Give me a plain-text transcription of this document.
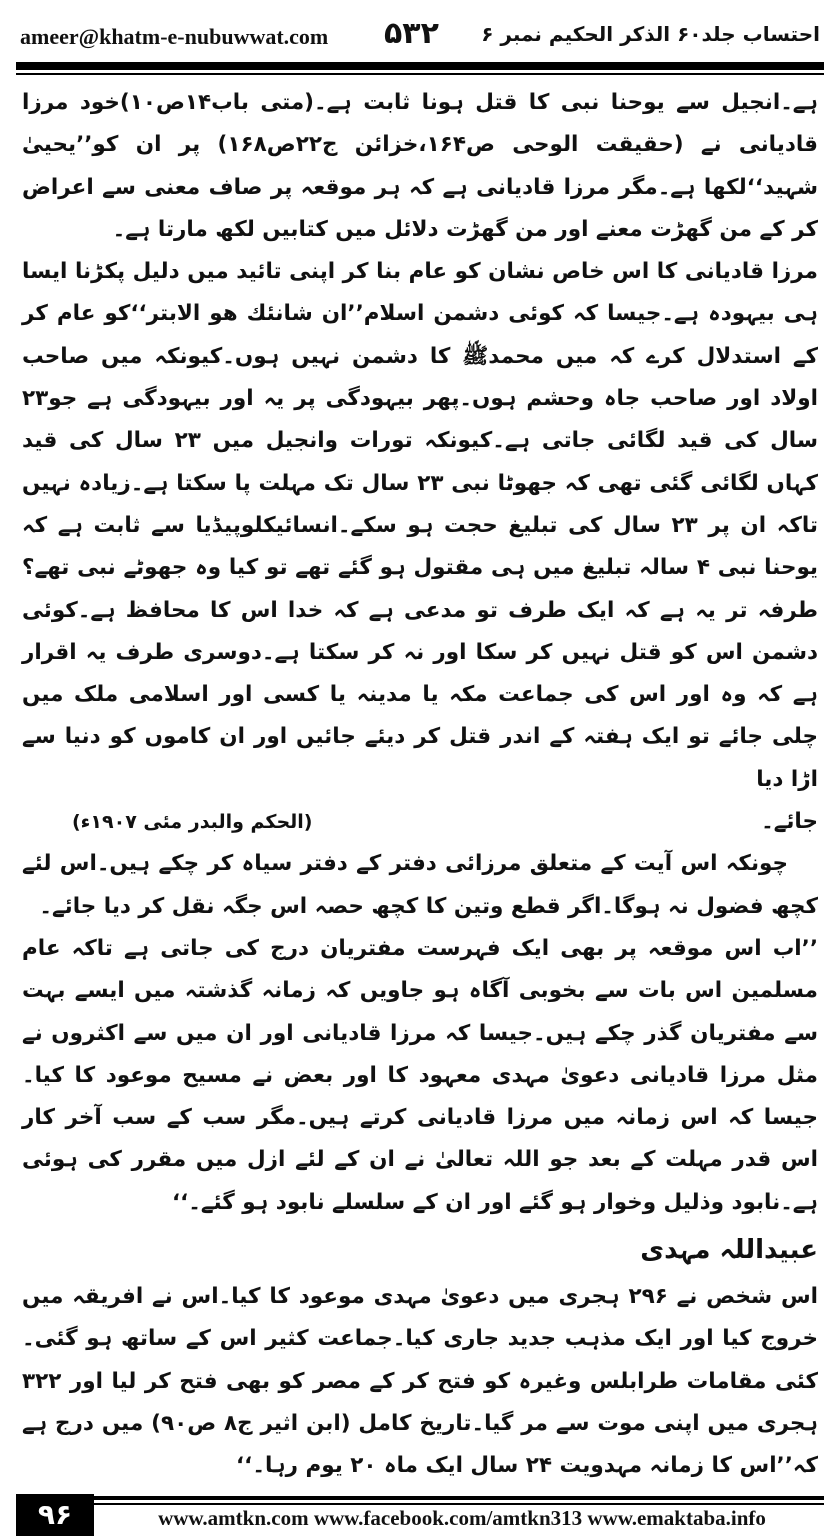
ameer@khatm-e-nubuwwat.com ۵۳۲ احتساب جلد۶۰ الذکر الحکیم نمبر ۶

ہے۔انجیل سے یوحنا نبی کا قتل ہونا ثابت ہے۔(متی باب۱۴ص۱۰)خود مرزا قادیانی نے (حقیقت الوحی ص۱۶۴،خزائن ج۲۲ص۱۶۸) پر ان کو’’یحییٰ شہید‘‘لکھا ہے۔مگر مرزا قادیانی ہے کہ ہر موقعہ پر صاف معنی سے اعراض کر کے من گھڑت معنے اور من گھڑت دلائل میں کتابیں لکھ مارتا ہے۔

مرزا قادیانی کا اس خاص نشان کو عام بنا کر اپنی تائید میں دلیل پکڑنا ایسا ہی بیہودہ ہے۔جیسا کہ کوئی دشمن اسلام’’ان شانئك هو الابتر‘‘کو عام کر کے استدلال کرے کہ میں محمدﷺ کا دشمن نہیں ہوں۔کیونکہ میں صاحب اولاد اور صاحب جاہ وحشم ہوں۔پھر بیہودگی پر یہ اور بیہودگی ہے جو۲۳ سال کی قید لگائی جاتی ہے۔کیونکہ تورات وانجیل میں ۲۳ سال کی قید کہاں لگائی گئی تھی کہ جھوٹا نبی ۲۳ سال تک مہلت پا سکتا ہے۔زیادہ نہیں تاکہ ان پر ۲۳ سال کی تبلیغ حجت ہو سکے۔انسائیکلوپیڈیا سے ثابت ہے کہ یوحنا نبی ۴ سالہ تبلیغ میں ہی مقتول ہو گئے تھے تو کیا وہ جھوٹے نبی تھے؟ طرفہ تر یہ ہے کہ ایک طرف تو مدعی ہے کہ خدا اس کا محافظ ہے۔کوئی دشمن اس کو قتل نہیں کر سکا اور نہ کر سکتا ہے۔دوسری طرف یہ اقرار ہے کہ وہ اور اس کی جماعت مکہ یا مدینہ یا کسی اور اسلامی ملک میں چلی جائے تو ایک ہفتہ کے اندر قتل کر دیئے جائیں اور ان کاموں کو دنیا سے اڑا دیا

جائے۔
(الحکم والبدر مئی ۱۹۰۷ء)

چونکہ اس آیت کے متعلق مرزائی دفتر کے دفتر سیاہ کر چکے ہیں۔اس لئے کچھ فضول نہ ہوگا۔اگر قطع وتین کا کچھ حصہ اس جگہ نقل کر دیا جائے۔

’’اب اس موقعہ پر بھی ایک فہرست مفتریان درج کی جاتی ہے تاکہ عام مسلمین اس بات سے بخوبی آگاہ ہو جاویں کہ زمانہ گذشتہ میں ایسے بہت سے مفتریان گذر چکے ہیں۔جیسا کہ مرزا قادیانی اور ان میں سے اکثروں نے مثل مرزا قادیانی دعویٰ مہدی معہود کا اور بعض نے مسیح موعود کا کیا۔جیسا کہ اس زمانہ میں مرزا قادیانی کرتے ہیں۔مگر سب کے سب آخر کار اس قدر مہلت کے بعد جو اللہ تعالیٰ نے ان کے لئے ازل میں مقرر کی ہوئی ہے۔نابود وذلیل وخوار ہو گئے اور ان کے سلسلے نابود ہو گئے۔‘‘

عبیداللہ مہدی

اس شخص نے ۲۹۶ ہجری میں دعویٰ مہدی موعود کا کیا۔اس نے افریقہ میں خروج کیا اور ایک مذہب جدید جاری کیا۔جماعت کثیر اس کے ساتھ ہو گئی۔کئی مقامات طرابلس وغیرہ کو فتح کر کے مصر کو بھی فتح کر لیا اور ۳۲۲ ہجری میں اپنی موت سے مر گیا۔تاریخ کامل (ابن اثیر ج۸ ص۹۰) میں درج ہے کہ’’اس کا زمانہ مہدویت ۲۴ سال ایک ماہ ۲۰ یوم رہا۔‘‘

۹۶	www.amtkn.com www.facebook.com/amtkn313 www.emaktaba.info
